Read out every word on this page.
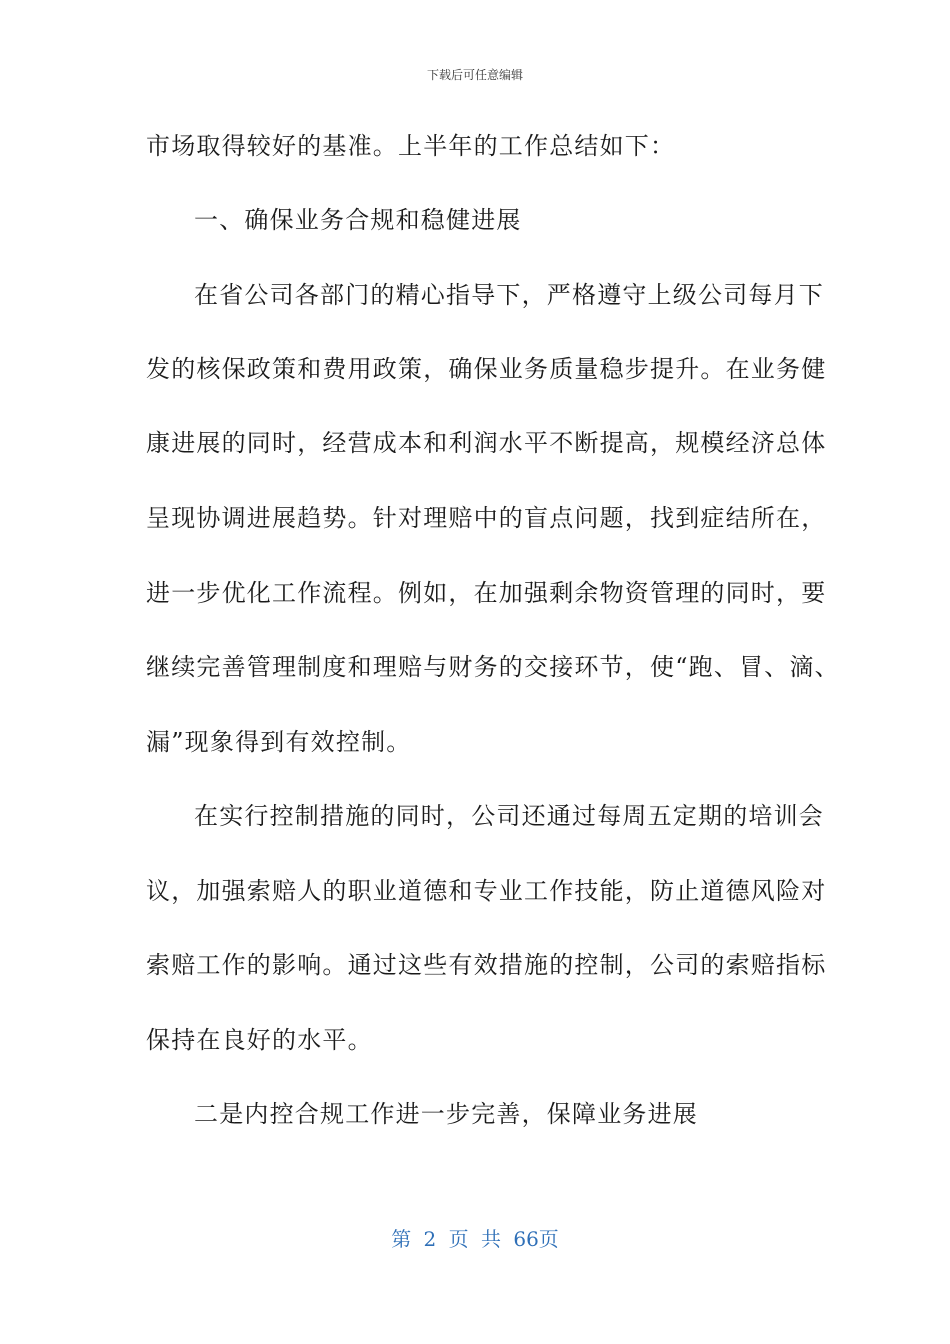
下载后可任意编辑
市场取得较好的基准。上半年的工作总结如下：
一、确保业务合规和稳健进展
在省公司各部门的精心指导下，严格遵守上级公司每月下
发的核保政策和费用政策，确保业务质量稳步提升。在业务健
康进展的同时，经营成本和利润水平不断提高，规模经济总体
呈现协调进展趋势。针对理赔中的盲点问题，找到症结所在，
进一步优化工作流程。例如，在加强剩余物资管理的同时，要
继续完善管理制度和理赔与财务的交接环节，使“跑、冒、滴、
漏”现象得到有效控制。
在实行控制措施的同时，公司还通过每周五定期的培训会
议，加强索赔人的职业道德和专业工作技能，防止道德风险对
索赔工作的影响。通过这些有效措施的控制，公司的索赔指标
保持在良好的水平。
二是内控合规工作进一步完善，保障业务进展
第 2 页 共 66页
